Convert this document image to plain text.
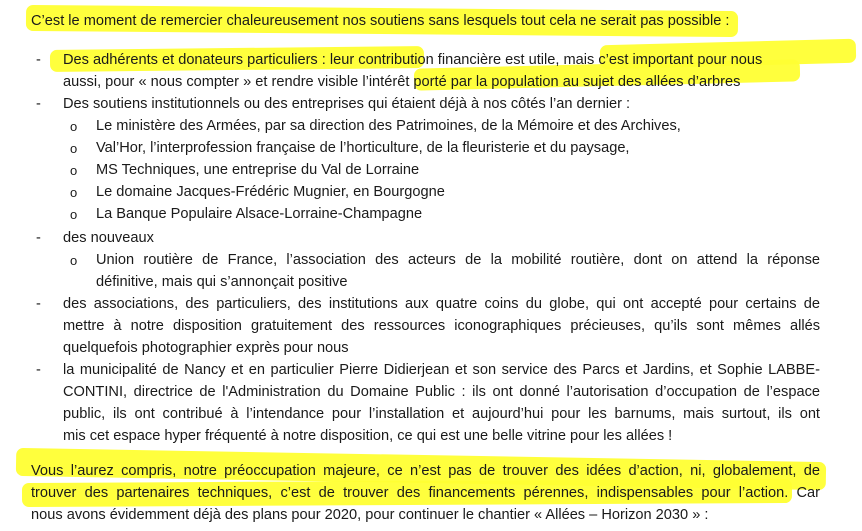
C’est le moment de remercier chaleureusement nos soutiens sans lesquels tout cela ne serait pas possible :
- Des adhérents et donateurs particuliers : leur contribution financière est utile, mais c’est important pour nous
aussi, pour « nous compter » et rendre visible l’intérêt porté par la population au sujet des allées d’arbres
- Des soutiens institutionnels ou des entreprises qui étaient déjà à nos côtés l’an dernier :
o Le ministère des Armées, par sa direction des Patrimoines, de la Mémoire et des Archives,
o Val’Hor, l’interprofession française de l’horticulture, de la fleuristerie et du paysage,
o MS Techniques, une entreprise du Val de Lorraine
o Le domaine Jacques-Frédéric Mugnier, en Bourgogne
o La Banque Populaire Alsace-Lorraine-Champagne
- des nouveaux
o Union routière de France, l’association des acteurs de la mobilité routière, dont on attend la réponse
définitive, mais qui s’annonçait positive
- des associations, des particuliers, des institutions aux quatre coins du globe, qui ont accepté pour certains de
mettre à notre disposition gratuitement des ressources iconographiques précieuses, qu’ils sont mêmes allés
quelquefois photographier exprès pour nous
- la municipalité de Nancy et en particulier Pierre Didierjean et son service des Parcs et Jardins, et Sophie LABBE-
CONTINI, directrice de l'Administration du Domaine Public : ils ont donné l’autorisation d’occupation de l’espace
public, ils ont contribué à l’intendance pour l’installation et aujourd’hui pour les barnums, mais surtout, ils ont
mis cet espace hyper fréquenté à notre disposition, ce qui est une belle vitrine pour les allées !
Vous l’aurez compris, notre préoccupation majeure, ce n’est pas de trouver des idées d’action, ni, globalement, de
trouver des partenaires techniques, c’est de trouver des financements pérennes, indispensables pour l’action. Car
nous avons évidemment déjà des plans pour 2020, pour continuer le chantier « Allées – Horizon 2030 » :
